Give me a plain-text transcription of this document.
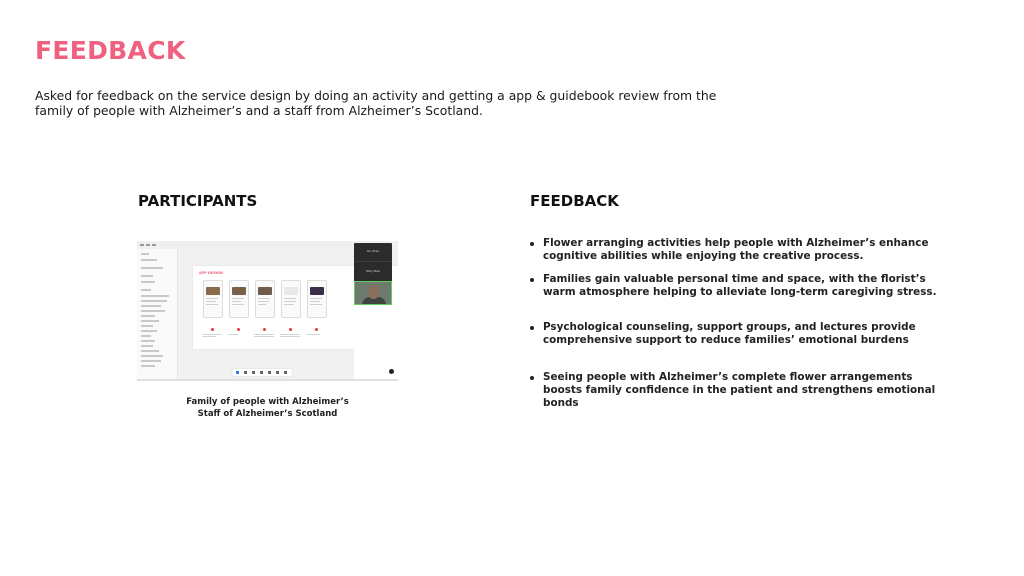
FEEDBACK
Asked for feedback on the service design by doing an activity and getting a app & guidebook review from the family of people with Alzheimer’s and a staff from Alzheimer’s Scotland.
PARTICIPANTS	FEEDBACK
APP DESIGN
Xiu Zhao
Holly Main
Family of people with Alzheimer’s
Staff of Alzheimer’s Scotland
Flower arranging activities help people with Alzheimer’s enhance cognitive abilities while enjoying the creative process.
Families gain valuable personal time and space, with the florist’s warm atmosphere helping to alleviate long-term caregiving stress.
Psychological counseling, support groups, and lectures provide comprehensive support to reduce families’ emotional burdens
Seeing people with Alzheimer’s complete flower arrangements boosts family confidence in the patient and strengthens emotional bonds
